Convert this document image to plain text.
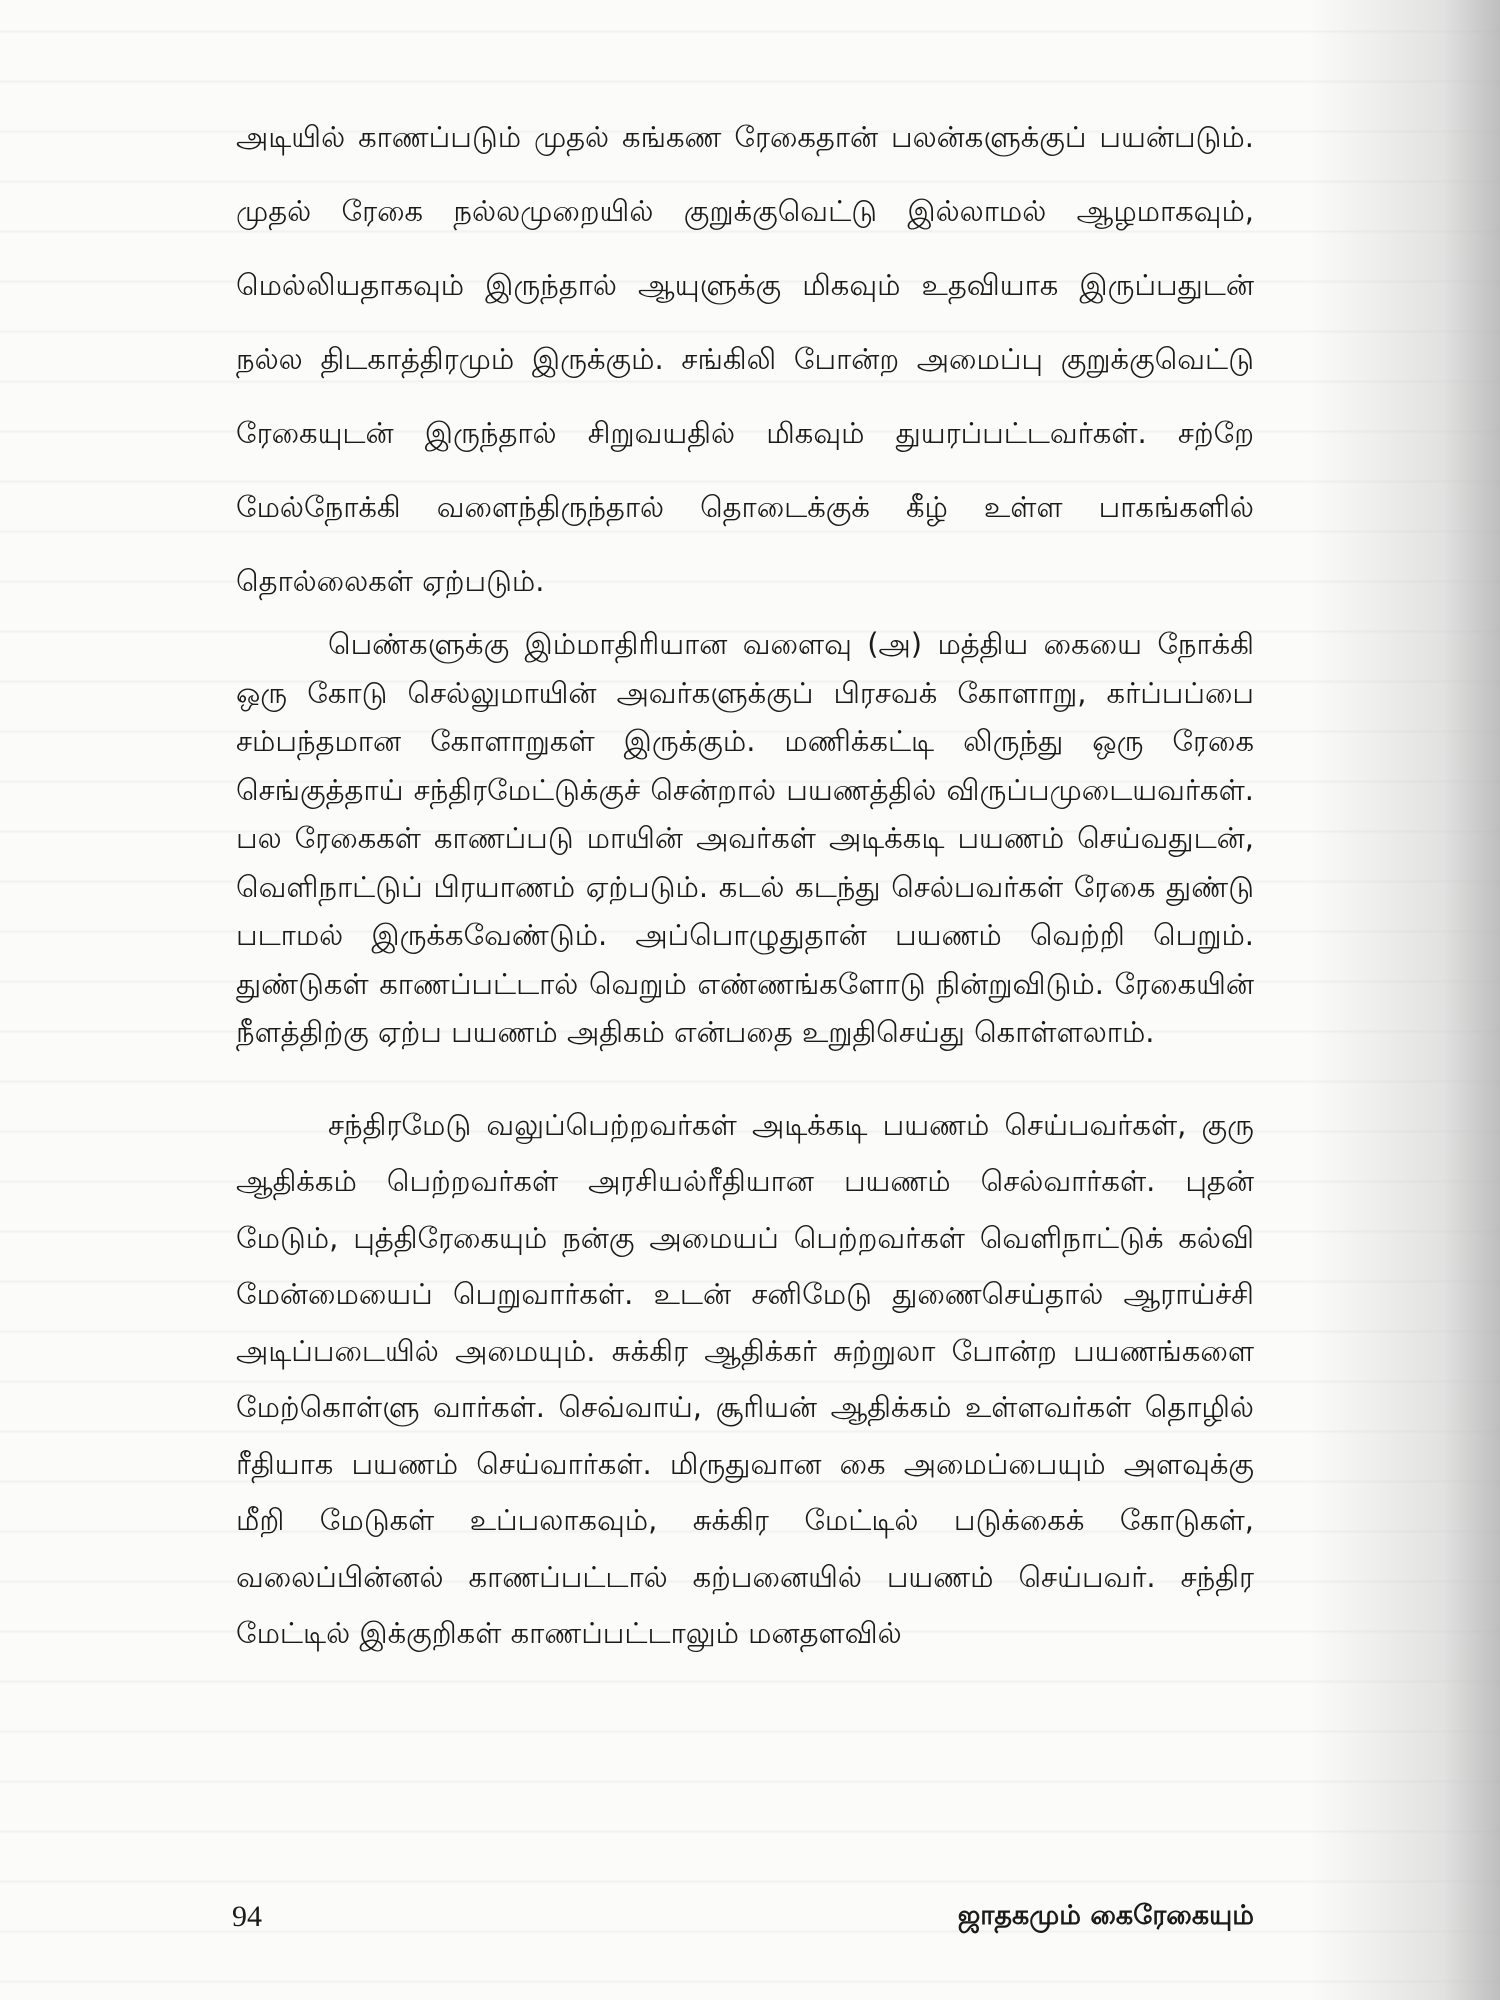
அடியில் காணப்படும் முதல் கங்கண ரேகைதான் பலன்களுக்குப் பயன்படும். முதல் ரேகை நல்லமுறையில் குறுக்குவெட்டு இல்லாமல் ஆழமாகவும், மெல்லியதாகவும் இருந்தால் ஆயுளுக்கு மிகவும் உதவியாக இருப்பதுடன் நல்ல திடகாத்திரமும் இருக்கும். சங்கிலி போன்ற அமைப்பு குறுக்குவெட்டு ரேகையுடன் இருந்தால் சிறுவயதில் மிகவும் துயரப்பட்டவர்கள். சற்றே மேல்நோக்கி வளைந்திருந்தால் தொடைக்குக் கீழ் உள்ள பாகங்களில் தொல்லைகள் ஏற்படும்.

பெண்களுக்கு இம்மாதிரியான வளைவு (அ) மத்திய கையை நோக்கி ஒரு கோடு செல்லுமாயின் அவர்களுக்குப் பிரசவக் கோளாறு, கர்ப்பப்பை சம்பந்தமான கோளாறுகள் இருக்கும். மணிக்கட்டி லிருந்து ஒரு ரேகை செங்குத்தாய் சந்திரமேட்டுக்குச் சென்றால் பயணத்தில் விருப்பமுடையவர்கள். பல ரேகைகள் காணப்படு மாயின் அவர்கள் அடிக்கடி பயணம் செய்வதுடன், வெளிநாட்டுப் பிரயாணம் ஏற்படும். கடல் கடந்து செல்பவர்கள் ரேகை துண்டு படாமல் இருக்கவேண்டும். அப்பொழுதுதான் பயணம் வெற்றி பெறும். துண்டுகள் காணப்பட்டால் வெறும் எண்ணங்களோடு நின்றுவிடும். ரேகையின் நீளத்திற்கு ஏற்ப பயணம் அதிகம் என்பதை உறுதிசெய்து கொள்ளலாம்.

சந்திரமேடு வலுப்பெற்றவர்கள் அடிக்கடி பயணம் செய்பவர்கள், குரு ஆதிக்கம் பெற்றவர்கள் அரசியல்ரீதியான பயணம் செல்வார்கள். புதன் மேடும், புத்திரேகையும் நன்கு அமையப் பெற்றவர்கள் வெளிநாட்டுக் கல்வி மேன்மையைப் பெறுவார்கள். உடன் சனிமேடு துணைசெய்தால் ஆராய்ச்சி அடிப்படையில் அமையும். சுக்கிர ஆதிக்கர் சுற்றுலா போன்ற பயணங்களை மேற்கொள்ளு வார்கள். செவ்வாய், சூரியன் ஆதிக்கம் உள்ளவர்கள் தொழில் ரீதியாக பயணம் செய்வார்கள். மிருதுவான கை அமைப்பையும் அளவுக்கு மீறி மேடுகள் உப்பலாகவும், சுக்கிர மேட்டில் படுக்கைக் கோடுகள், வலைப்பின்னல் காணப்பட்டால் கற்பனையில் பயணம் செய்பவர். சந்திர மேட்டில் இக்குறிகள் காணப்பட்டாலும் மனதளவில்

94	ஜாதகமும் கைரேகையும்
